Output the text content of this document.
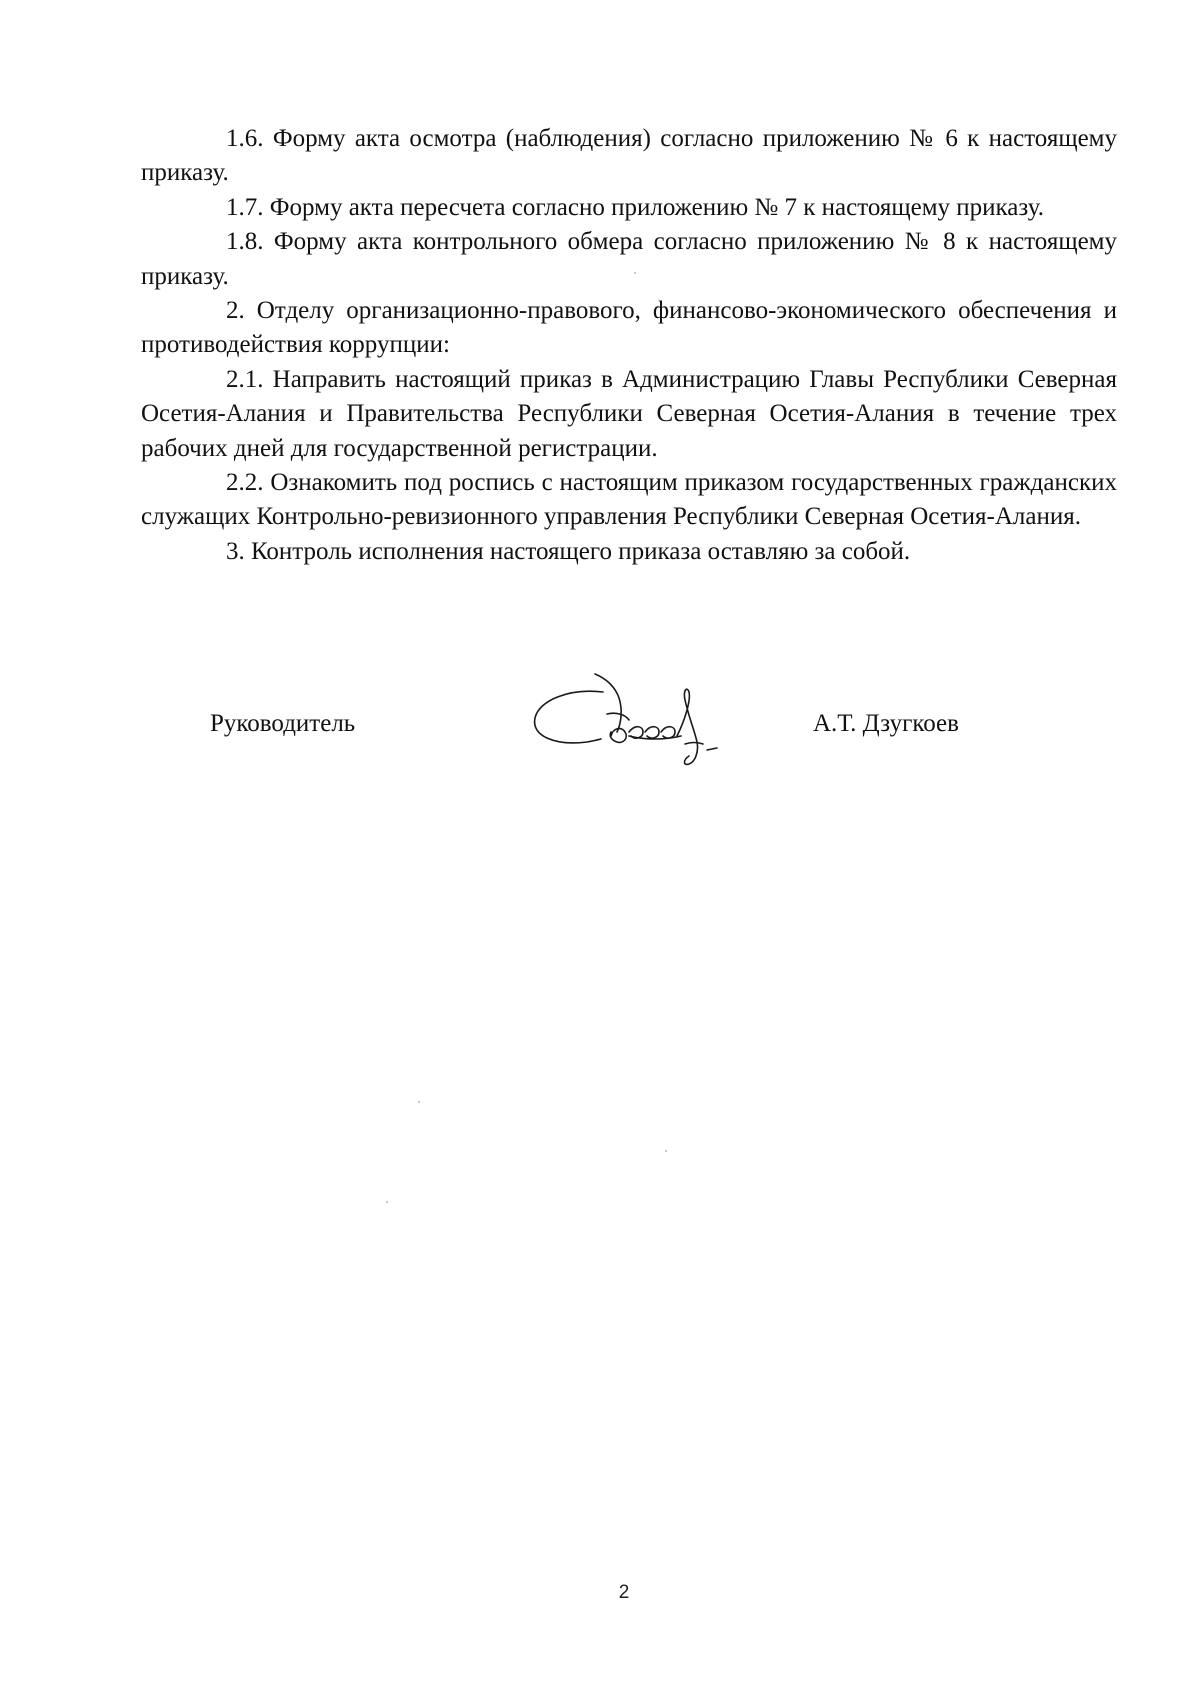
1.6. Форму акта осмотра (наблюдения) согласно приложению № 6 к настоящему приказу.

1.7. Форму акта пересчета согласно приложению № 7 к настоящему приказу.

1.8. Форму акта контрольного обмера согласно приложению № 8 к настоящему приказу.

2. Отделу организационно-правового, финансово-экономического обеспечения и противодействия коррупции:

2.1. Направить настоящий приказ в Администрацию Главы Республики Северная Осетия-Алания и Правительства Республики Северная Осетия-Алания в течение трех рабочих дней для государственной регистрации.

2.2. Ознакомить под роспись с настоящим приказом государственных гражданских служащих Контрольно-ревизионного управления Республики Северная Осетия-Алания.

3. Контроль исполнения настоящего приказа оставляю за собой.

Руководитель	А.Т. Дзугкоев
2
